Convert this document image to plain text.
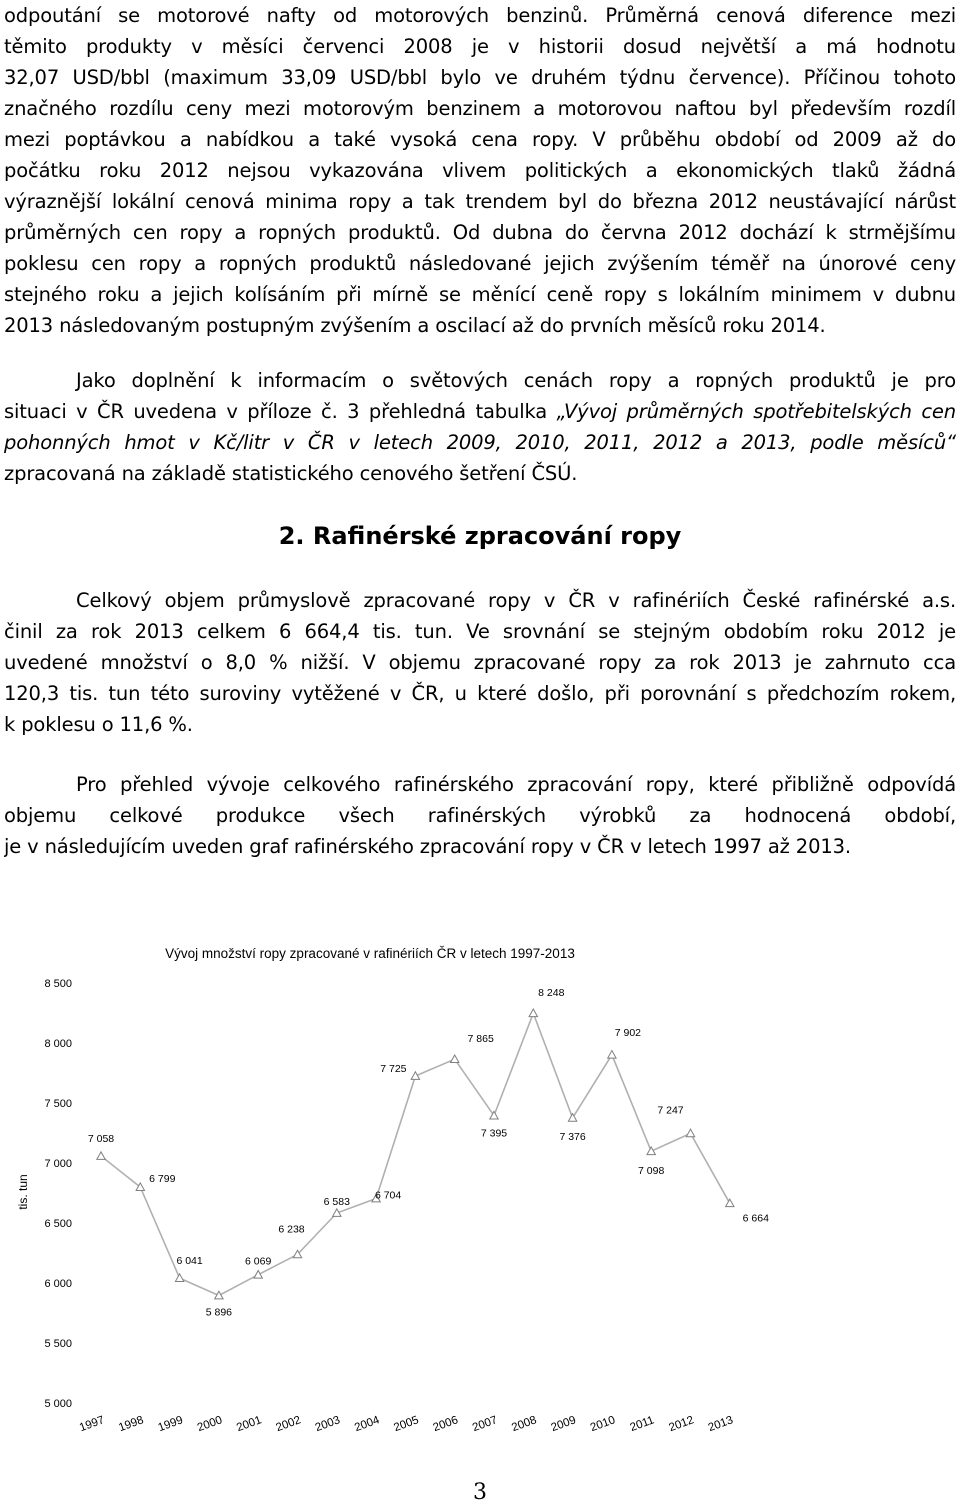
odpoutání se motorové nafty od motorových benzinů. Průměrná cenová diference mezi
těmito produkty v měsíci červenci 2008 je v historii dosud největší a má hodnotu
32,07 USD/bbl (maximum 33,09 USD/bbl bylo ve druhém týdnu července). Příčinou tohoto
značného rozdílu ceny mezi motorovým benzinem a motorovou naftou byl především rozdíl
mezi poptávkou a nabídkou a také vysoká cena ropy. V průběhu období od 2009 až do
počátku roku 2012 nejsou vykazována vlivem politických a ekonomických tlaků žádná
výraznější lokální cenová minima ropy a tak trendem byl do března 2012 neustávající nárůst
průměrných cen ropy a ropných produktů. Od dubna do června 2012 dochází k strmějšímu
poklesu cen ropy a ropných produktů následované jejich zvýšením téměř na únorové ceny
stejného roku a jejich kolísáním při mírně se měnící ceně ropy s lokálním minimem v dubnu
2013 následovaným postupným zvýšením a oscilací až do prvních měsíců roku 2014.

Jako doplnění k informacím o světových cenách ropy a ropných produktů je pro
situaci v ČR uvedena v příloze č. 3 přehledná tabulka „Vývoj průměrných spotřebitelských cen
pohonných hmot v Kč/litr v ČR v letech 2009, 2010, 2011, 2012 a 2013, podle měsíců“
zpracovaná na základě statistického cenového šetření ČSÚ.

2. Rafinérské zpracování ropy

Celkový objem průmyslově zpracované ropy v ČR v rafinériích České rafinérské a.s.
činil za rok 2013 celkem 6 664,4 tis. tun. Ve srovnání se stejným obdobím roku 2012 je
uvedené množství o 8,0 % nižší. V objemu zpracované ropy za rok 2013 je zahrnuto cca
120,3 tis. tun této suroviny vytěžené v ČR, u které došlo, při porovnání s předchozím rokem,
k poklesu o 11,6 %.

Pro přehled vývoje celkového rafinérského zpracování ropy, které přibližně odpovídá
objemu celkové produkce všech rafinérských výrobků za hodnocená období,
je v následujícím uveden graf rafinérského zpracování ropy v ČR v letech 1997 až 2013.

Vývoj množství ropy zpracované v rafinériích ČR v letech 1997-2013
tis. tun
5 000
5 500
6 000
6 500
7 000
7 500
8 000
8 500
1997 1998 1999 2000 2001 2002 2003 2004 2005 2006 2007 2008 2009 2010 2011 2012 2013
7 058
6 799
6 041
5 896
6 069
6 238
6 583
6 704
7 725
7 865
7 395
8 248
7 376
7 902
7 098
7 247
6 664
3
